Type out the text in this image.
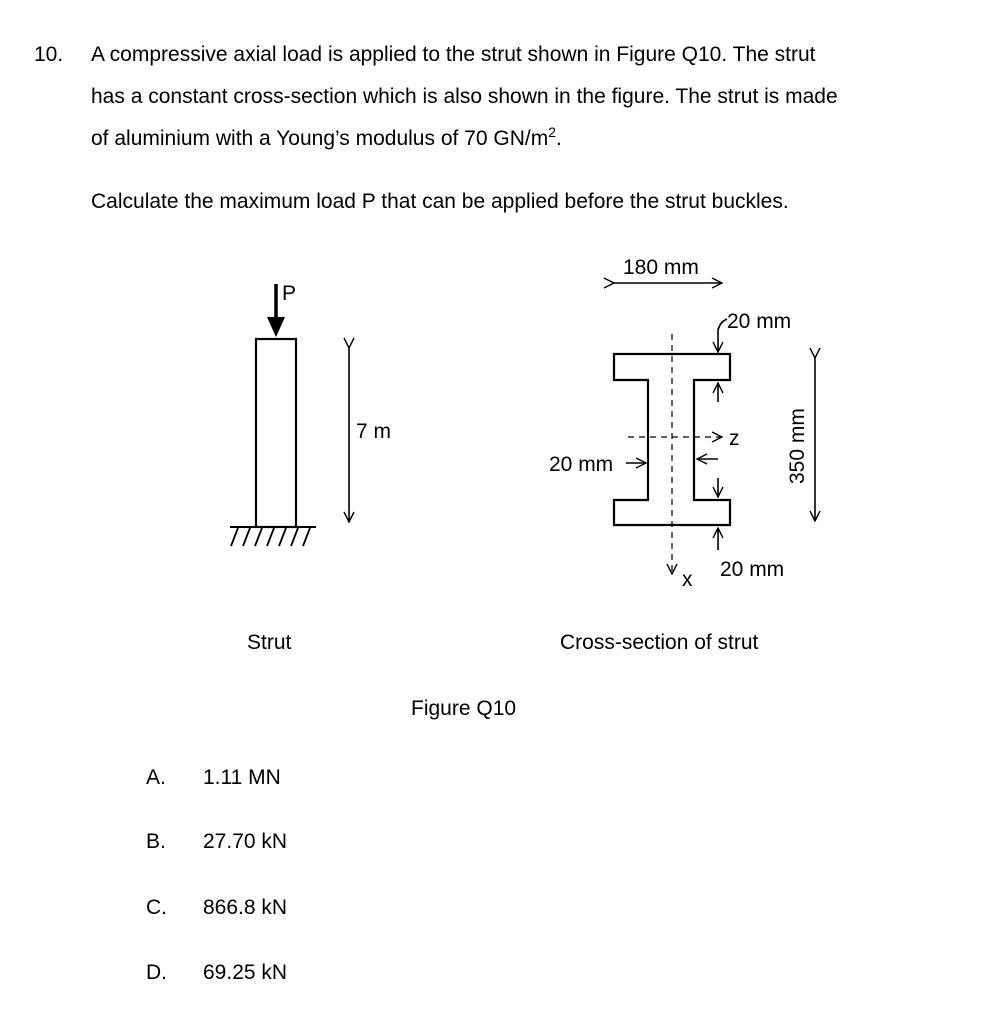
10. A compressive axial load is applied to the strut shown in Figure Q10. The strut
has a constant cross-section which is also shown in the figure. The strut is made
of aluminium with a Young’s modulus of 70 $GN/m^2$.
Calculate the maximum load P that can be applied before the strut buckles.
P
7 m
Strut
180 mm
x
z
20 mm
20 mm
20 mm
350 mm
Cross-section of strut
Figure Q10
A. 1.11 MN
B. 27.70 kN
C. 866.8 kN
D. 69.25 kN
